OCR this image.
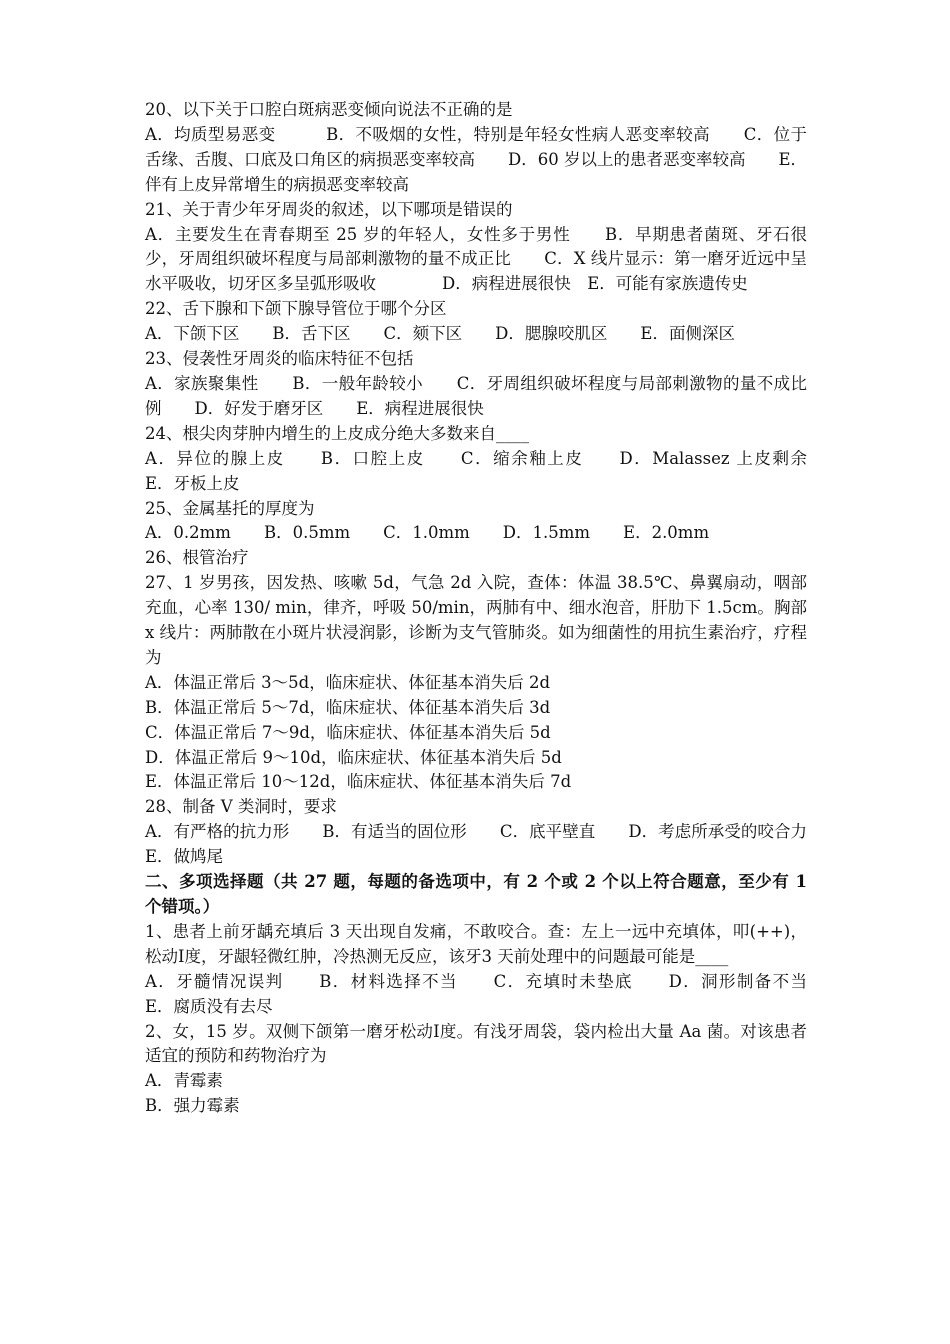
20、以下关于口腔白斑病恶变倾向说法不正确的是

A．均质型易恶变　　　B．不吸烟的女性，特别是年轻女性病人恶变率较高　　C．位于舌缘、舌腹、口底及口角区的病损恶变率较高　　D．60 岁以上的患者恶变率较高　　E．伴有上皮异常增生的病损恶变率较高

21、关于青少年牙周炎的叙述，以下哪项是错误的

A．主要发生在青春期至 25 岁的年轻人，女性多于男性　　B．早期患者菌斑、牙石很少，牙周组织破坏程度与局部刺激物的量不成正比　　C．X 线片显示：第一磨牙近远中呈水平吸收，切牙区多呈弧形吸收　　　　D．病程进展很快　E．可能有家族遗传史

22、舌下腺和下颌下腺导管位于哪个分区

A．下颌下区　　B．舌下区　　C．颏下区　　D．腮腺咬肌区　　E．面侧深区

23、侵袭性牙周炎的临床特征不包括

A．家族聚集性　　B．一般年龄较小　　C．牙周组织破坏程度与局部刺激物的量不成比例　　D．好发于磨牙区　　E．病程进展很快

24、根尖肉芽肿内增生的上皮成分绝大多数来自____

A．异位的腺上皮　　B．口腔上皮　　C．缩余釉上皮　　D．Malassez 上皮剩余　　E．牙板上皮

25、金属基托的厚度为

A．0.2mm　　B．0.5mm　　C．1.0mm　　D．1.5mm　　E．2.0mm

26、根管治疗

27、1 岁男孩，因发热、咳嗽 5d，气急 2d 入院，查体：体温 38.5℃、鼻翼扇动，咽部充血，心率 130/ min，律齐，呼吸 50/min，两肺有中、细水泡音，肝肋下 1.5cm。胸部 x 线片：两肺散在小斑片状浸润影，诊断为支气管肺炎。如为细菌性的用抗生素治疗，疗程为

A．体温正常后 3～5d，临床症状、体征基本消失后 2d

B．体温正常后 5～7d，临床症状、体征基本消失后 3d

C．体温正常后 7～9d，临床症状、体征基本消失后 5d

D．体温正常后 9～10d，临床症状、体征基本消失后 5d

E．体温正常后 10～12d，临床症状、体征基本消失后 7d

28、制备 V 类洞时，要求

A．有严格的抗力形　　B．有适当的固位形　　C．底平壁直　　D．考虑所承受的咬合力　　E．做鸠尾

二、多项选择题（共 27 题，每题的备选项中，有 2 个或 2 个以上符合题意，至少有 1 个错项。）

1、患者上前牙龋充填后 3 天出现自发痛，不敢咬合。查：左上一远中充填体，叩(++)，松动Ⅰ度，牙龈轻微红肿，冷热测无反应，该牙3 天前处理中的问题最可能是____

A．牙髓情况误判　　B．材料选择不当　　C．充填时未垫底　　D．洞形制备不当　　E．腐质没有去尽

2、女，15 岁。双侧下颌第一磨牙松动Ⅰ度。有浅牙周袋，袋内检出大量 Aa 菌。对该患者适宜的预防和药物治疗为

A．青霉素

B．强力霉素
